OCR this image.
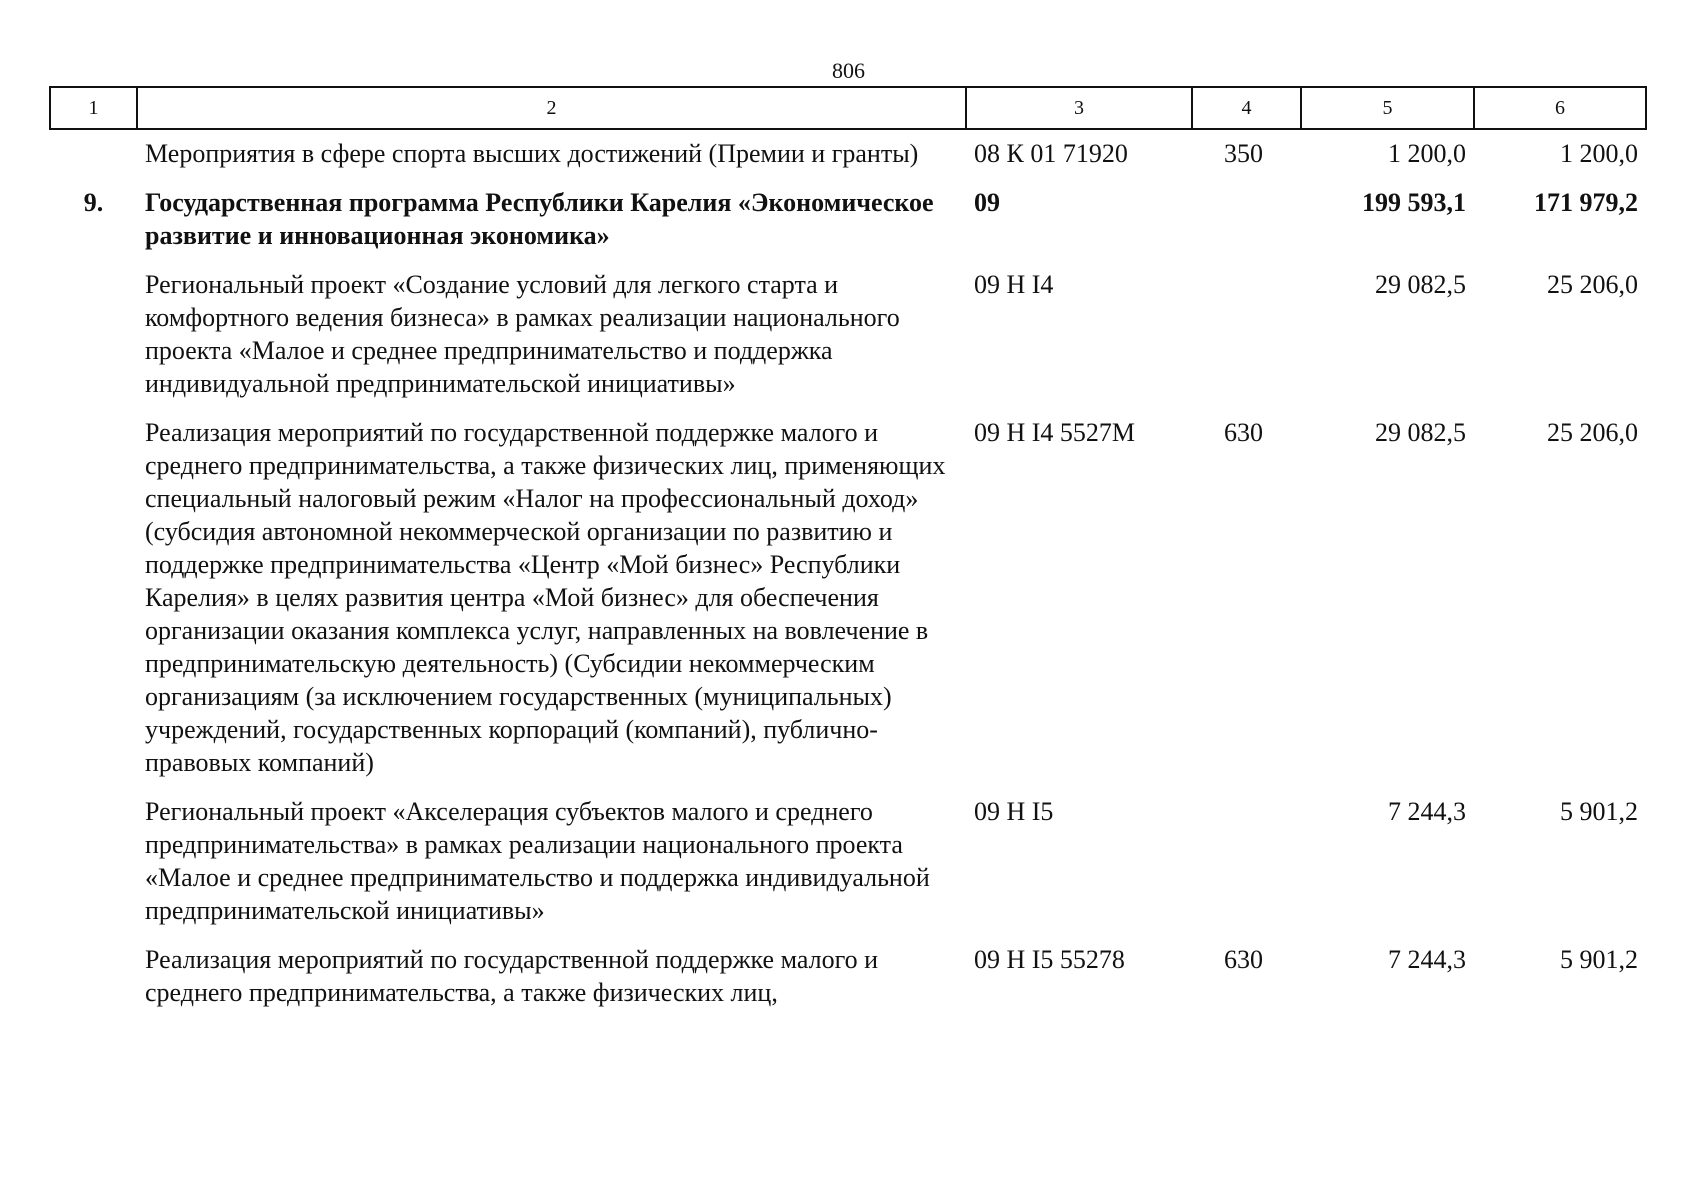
806
1	2	3	4	5	6
	Мероприятия в сфере спорта высших достижений (Премии и гранты)	08 К 01 71920	350	1 200,0	1 200,0
9.	Государственная программа Республики Карелия «Экономическое развитие и инновационная экономика»	09		199 593,1	171 979,2
	Региональный проект «Создание условий для легкого старта и комфортного ведения бизнеса» в рамках реализации национального проекта «Малое и среднее предпринимательство и поддержка индивидуальной предпринимательской инициативы»	09 Н I4		29 082,5	25 206,0
	Реализация мероприятий по государственной поддержке малого и среднего предпринимательства, а также физических лиц, применяющих специальный налоговый режим «Налог на профессиональный доход» (субсидия автономной некоммерческой организации по развитию и поддержке предпринимательства «Центр «Мой бизнес» Республики Карелия» в целях развития центра «Мой бизнес» для обеспечения организации оказания комплекса услуг, направленных на вовлечение в предпринимательскую деятельность) (Субсидии некоммерческим организациям (за исключением государственных (муниципальных) учреждений, государственных корпораций (компаний), публично-правовых компаний)	09 Н I4 5527М	630	29 082,5	25 206,0
	Региональный проект «Акселерация субъектов малого и среднего предпринимательства» в рамках реализации национального проекта «Малое и среднее предпринимательство и поддержка индивидуальной предпринимательской инициативы»	09 Н I5		7 244,3	5 901,2
	Реализация мероприятий по государственной поддержке малого и среднего предпринимательства, а также физических лиц,	09 Н I5 55278	630	7 244,3	5 901,2
